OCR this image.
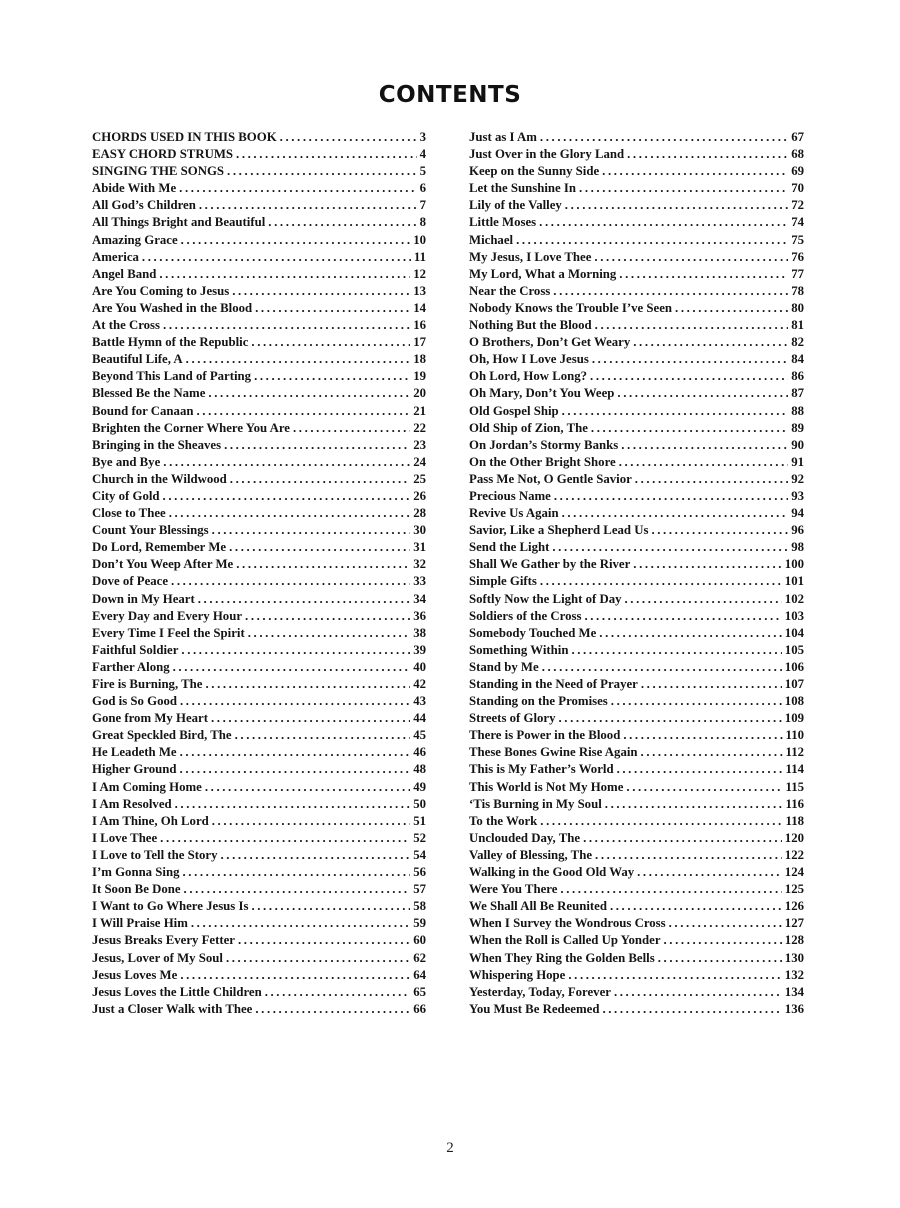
CONTENTS
CHORDS USED IN THIS BOOK .....	3
EASY CHORD STRUMS .....	4
SINGING THE SONGS .....	5
Abide With Me .....	6
All God’s Children .....	7
All Things Bright and Beautiful .....	8
Amazing Grace .....	10
America .....	11
Angel Band .....	12
Are You Coming to Jesus .....	13
Are You Washed in the Blood .....	14
At the Cross .....	16
Battle Hymn of the Republic .....	17
Beautiful Life, A .....	18
Beyond This Land of Parting .....	19
Blessed Be the Name .....	20
Bound for Canaan .....	21
Brighten the Corner Where You Are .....	22
Bringing in the Sheaves .....	23
Bye and Bye .....	24
Church in the Wildwood .....	25
City of Gold .....	26
Close to Thee .....	28
Count Your Blessings .....	30
Do Lord, Remember Me .....	31
Don’t You Weep After Me .....	32
Dove of Peace .....	33
Down in My Heart .....	34
Every Day and Every Hour .....	36
Every Time I Feel the Spirit .....	38
Faithful Soldier .....	39
Farther Along .....	40
Fire is Burning, The .....	42
God is So Good .....	43
Gone from My Heart .....	44
Great Speckled Bird, The .....	45
He Leadeth Me .....	46
Higher Ground .....	48
I Am Coming Home .....	49
I Am Resolved .....	50
I Am Thine, Oh Lord .....	51
I Love Thee .....	52
I Love to Tell the Story .....	54
I’m Gonna Sing .....	56
It Soon Be Done .....	57
I Want to Go Where Jesus Is .....	58
I Will Praise Him .....	59
Jesus Breaks Every Fetter .....	60
Jesus, Lover of My Soul .....	62
Jesus Loves Me .....	64
Jesus Loves the Little Children .....	65
Just a Closer Walk with Thee .....	66
Just as I Am .....	67
Just Over in the Glory Land .....	68
Keep on the Sunny Side .....	69
Let the Sunshine In .....	70
Lily of the Valley .....	72
Little Moses .....	74
Michael .....	75
My Jesus, I Love Thee .....	76
My Lord, What a Morning .....	77
Near the Cross .....	78
Nobody Knows the Trouble I’ve Seen .....	80
Nothing But the Blood .....	81
O Brothers, Don’t Get Weary .....	82
Oh, How I Love Jesus .....	84
Oh Lord, How Long? .....	86
Oh Mary, Don’t You Weep .....	87
Old Gospel Ship .....	88
Old Ship of Zion, The .....	89
On Jordan’s Stormy Banks .....	90
On the Other Bright Shore .....	91
Pass Me Not, O Gentle Savior .....	92
Precious Name .....	93
Revive Us Again .....	94
Savior, Like a Shepherd Lead Us .....	96
Send the Light .....	98
Shall We Gather by the River .....	100
Simple Gifts .....	101
Softly Now the Light of Day .....	102
Soldiers of the Cross .....	103
Somebody Touched Me .....	104
Something Within .....	105
Stand by Me .....	106
Standing in the Need of Prayer .....	107
Standing on the Promises .....	108
Streets of Glory .....	109
There is Power in the Blood .....	110
These Bones Gwine Rise Again .....	112
This is My Father’s World .....	114
This World is Not My Home .....	115
‘Tis Burning in My Soul .....	116
To the Work .....	118
Unclouded Day, The .....	120
Valley of Blessing, The .....	122
Walking in the Good Old Way .....	124
Were You There .....	125
We Shall All Be Reunited .....	126
When I Survey the Wondrous Cross .....	127
When the Roll is Called Up Yonder .....	128
When They Ring the Golden Bells .....	130
Whispering Hope .....	132
Yesterday, Today, Forever .....	134
You Must Be Redeemed .....	136
2
